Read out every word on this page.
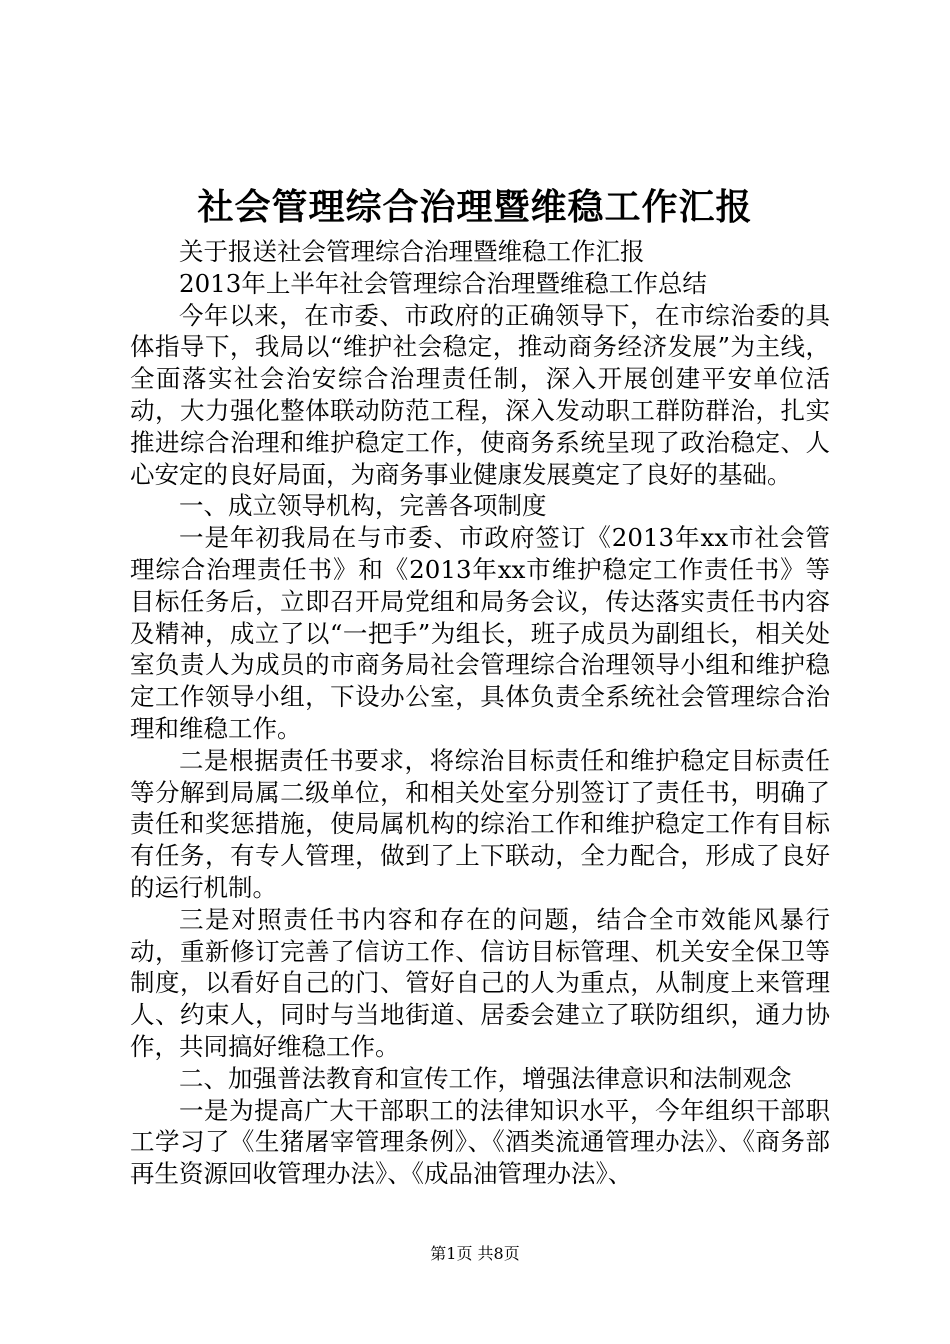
社会管理综合治理暨维稳工作汇报

关于报送社会管理综合治理暨维稳工作汇报

2013年上半年社会管理综合治理暨维稳工作总结

今年以来，在市委、市政府的正确领导下，在市综治委的具体指导下，我局以“维护社会稳定，推动商务经济发展”为主线，全面落实社会治安综合治理责任制，深入开展创建平安单位活动，大力强化整体联动防范工程，深入发动职工群防群治，扎实推进综合治理和维护稳定工作，使商务系统呈现了政治稳定、人心安定的良好局面，为商务事业健康发展奠定了良好的基础。

一、成立领导机构，完善各项制度

一是年初我局在与市委、市政府签订《2013年xx市社会管理综合治理责任书》和《2013年xx市维护稳定工作责任书》等目标任务后，立即召开局党组和局务会议，传达落实责任书内容及精神，成立了以“一把手”为组长，班子成员为副组长，相关处室负责人为成员的市商务局社会管理综合治理领导小组和维护稳定工作领导小组，下设办公室，具体负责全系统社会管理综合治理和维稳工作。

二是根据责任书要求，将综治目标责任和维护稳定目标责任等分解到局属二级单位，和相关处室分别签订了责任书，明确了责任和奖惩措施，使局属机构的综治工作和维护稳定工作有目标有任务，有专人管理，做到了上下联动，全力配合，形成了良好的运行机制。

三是对照责任书内容和存在的问题，结合全市效能风暴行动，重新修订完善了信访工作、信访目标管理、机关安全保卫等制度，以看好自己的门、管好自己的人为重点，从制度上来管理人、约束人，同时与当地街道、居委会建立了联防组织，通力协作，共同搞好维稳工作。

二、加强普法教育和宣传工作，增强法律意识和法制观念

一是为提高广大干部职工的法律知识水平，今年组织干部职工学习了《生猪屠宰管理条例》、《酒类流通管理办法》、《商务部再生资源回收管理办法》、《成品油管理办法》、

第1页 共8页
